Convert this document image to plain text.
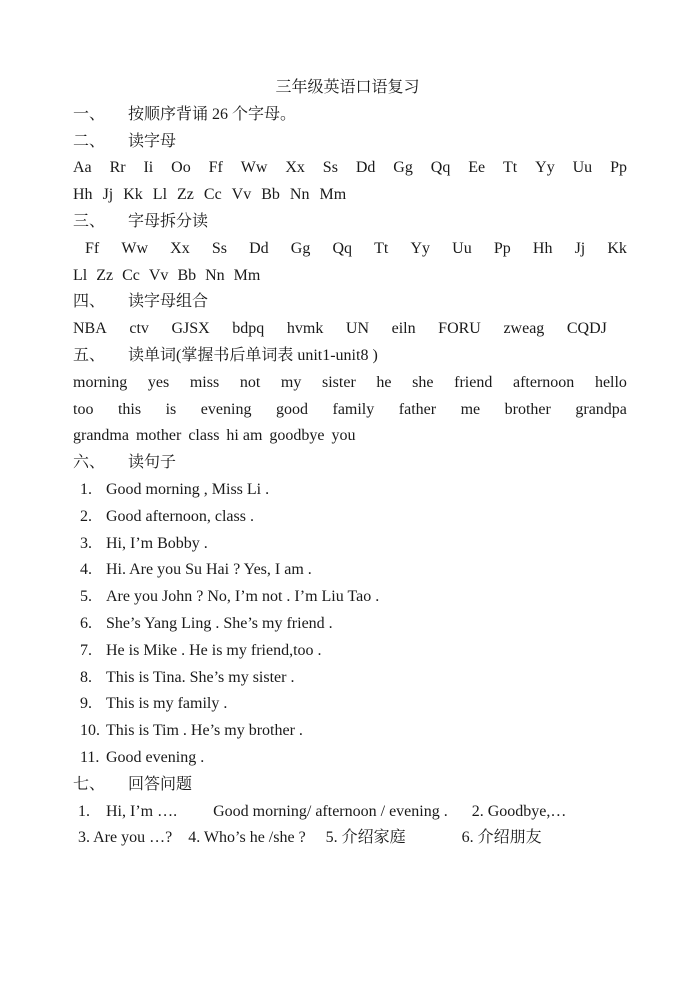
三年级英语口语复习
一、	按顺序背诵 26 个字母。
二、	读字母
Aa Rr Ii Oo Ff Ww Xx Ss Dd Gg Qq Ee Tt Yy Uu Pp
Hh Jj Kk Ll Zz Cc Vv Bb Nn Mm
三、	字母拆分读
Ff Ww Xx Ss Dd Gg Qq Tt Yy Uu Pp Hh Jj Kk
Ll Zz Cc Vv Bb Nn Mm
四、	读字母组合
NBA ctv GJSX bdpq hvmk UN eiln FORU zweag CQDJ
五、	读单词(掌握书后单词表 unit1-unit8 )
morning yes miss not my sister he she friend afternoon hello
too this is evening good family father me brother grandpa
grandma mother class hi am goodbye you
六、	读句子
1. Good morning , Miss Li .
2. Good afternoon, class .
3. Hi, I’m Bobby .
4. Hi. Are you Su Hai ? Yes, I am .
5. Are you John ? No, I’m not . I’m Liu Tao .
6. She’s Yang Ling . She’s my friend .
7. He is Mike . He is my friend,too .
8. This is Tina. She’s my sister .
9. This is my family .
10. This is Tim . He’s my brother .
11. Good evening .
七、	回答问题
1.    Hi, I’m ….         Good morning/ afternoon / evening .      2. Goodbye,…
3. Are you …?    4. Who’s he /she ?     5. 介绍家庭              6. 介绍朋友
